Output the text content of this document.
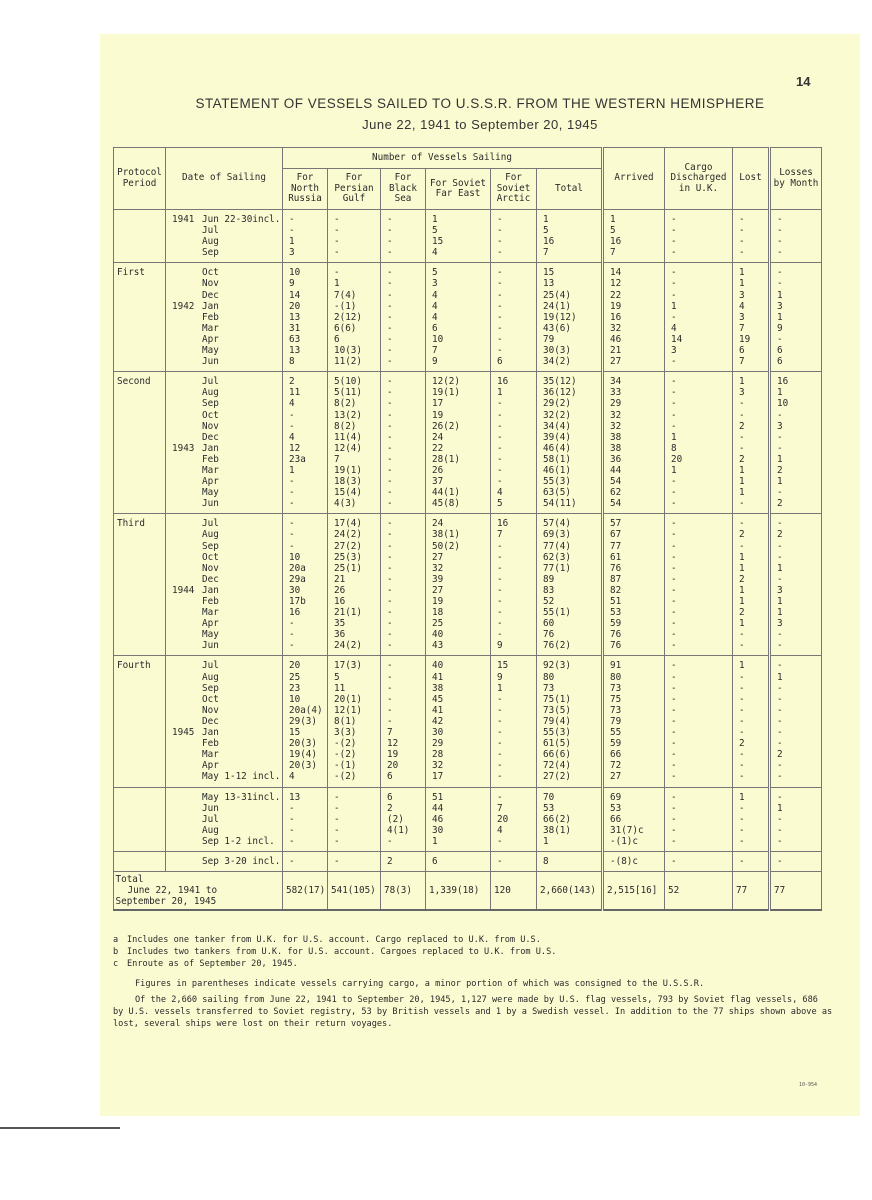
14
STATEMENT OF VESSELS SAILED TO U.S.S.R. FROM THE WESTERN HEMISPHERE
June 22, 1941 to September 20, 1945
Protocol Period	Date of Sailing	Number of Vessels Sailing						Arrived	Cargo Discharged in U.K.	Lost	Losses by Month
		For North Russia	For Persian Gulf	For Black Sea	For Soviet Far East	For Soviet Arctic	Total				

	1941 Jun 22-30incl.	-	-	-	1	-	1	1	-	-	-
	Jul	-	-	-	5	-	5	5	-	-	-
	Aug	1	-	-	15	-	16	16	-	-	-
	Sep	3	-	-	4	-	7	7	-	-	-

First	Oct	10	-	-	5	-	15	14	-	1	-
	Nov	9	1	-	3	-	13	12	-	1	-
	Dec	14	7(4)	-	4	-	25(4)	22	-	3	1
	1942 Jan	20	-(1)	-	4	-	24(1)	19	1	4	3
	Feb	13	2(12)	-	4	-	19(12)	16	-	3	1
	Mar	31	6(6)	-	6	-	43(6)	32	4	7	9
	Apr	63	6	-	10	-	79	46	14	19	-
	May	13	10(3)	-	7	-	30(3)	21	3	6	6
	Jun	8	11(2)	-	9	6	34(2)	27	-	7	6

Second	Jul	2	5(10)	-	12(2)	16	35(12)	34	-	1	16
	Aug	11	5(11)	-	19(1)	1	36(12)	33	-	3	1
	Sep	4	8(2)	-	17	-	29(2)	29	-	-	10
	Oct	-	13(2)	-	19	-	32(2)	32	-	-	-
	Nov	-	8(2)	-	26(2)	-	34(4)	32	-	2	3
	Dec	4	11(4)	-	24	-	39(4)	38	1	-	-
	1943 Jan	12	12(4)	-	22	-	46(4)	38	8	-	-
	Feb	23a	7	-	28(1)	-	58(1)	36	20	2	1
	Mar	1	19(1)	-	26	-	46(1)	44	1	1	2
	Apr	-	18(3)	-	37	-	55(3)	54	-	1	1
	May	-	15(4)	-	44(1)	4	63(5)	62	-	1	-
	Jun	-	4(3)	-	45(8)	5	54(11)	54	-	-	2

Third	Jul	-	17(4)	-	24	16	57(4)	57	-	-	-
	Aug	-	24(2)	-	38(1)	7	69(3)	67	-	2	2
	Sep	-	27(2)	-	50(2)	-	77(4)	77	-	-	-
	Oct	10	25(3)	-	27	-	62(3)	61	-	1	-
	Nov	20a	25(1)	-	32	-	77(1)	76	-	1	1
	Dec	29a	21	-	39	-	89	87	-	2	-
	1944 Jan	30	26	-	27	-	83	82	-	1	3
	Feb	17b	16	-	19	-	52	51	-	1	1
	Mar	16	21(1)	-	18	-	55(1)	53	-	2	1
	Apr	-	35	-	25	-	60	59	-	1	3
	May	-	36	-	40	-	76	76	-	-	-
	Jun	-	24(2)	-	43	9	76(2)	76	-	-	-

Fourth	Jul	20	17(3)	-	40	15	92(3)	91	-	1	-
	Aug	25	5	-	41	9	80	80	-	-	1
	Sep	23	11	-	38	1	73	73	-	-	-
	Oct	10	20(1)	-	45	-	75(1)	75	-	-	-
	Nov	20a(4)	12(1)	-	41	-	73(5)	73	-	-	-
	Dec	29(3)	8(1)	-	42	-	79(4)	79	-	-	-
	1945 Jan	15	3(3)	7	30	-	55(3)	55	-	-	-
	Feb	20(3)	-(2)	12	29	-	61(5)	59	-	2	-
	Mar	19(4)	-(2)	19	28	-	66(6)	66	-	-	2
	Apr	20(3)	-(1)	20	32	-	72(4)	72	-	-	-
	May 1-12 incl.	4	-(2)	6	17	-	27(2)	27	-	-	-

	May 13-31incl.	13	-	6	51	-	70	69	-	1	-
	Jun	-	-	2	44	7	53	53	-	-	1
	Jul	-	-	(2)	46	20	66(2)	66	-	-	-
	Aug	-	-	4(1)	30	4	38(1)	31(7)c	-	-	-
	Sep 1-2 incl.	-	-	-	1	-	1	-(1)c	-	-	-

	Sep 3-20 incl.	-	-	2	6	-	8	-(8)c	-	-	-

	Total
June 22, 1941 to
September 20, 1945	582(17)	541(105)	78(3)	1,339(18)	120	2,660(143)	2,515[16]	52	77	77
a Includes one tanker from U.K. for U.S. account. Cargo replaced to U.K. from U.S.
b Includes two tankers from U.K. for U.S. account. Cargoes replaced to U.K. from U.S.
c Enroute as of September 20, 1945.
Figures in parentheses indicate vessels carrying cargo, a minor portion of which was consigned to the U.S.S.R.
Of the 2,660 sailing from June 22, 1941 to September 20, 1945, 1,127 were made by U.S. flag vessels, 793 by Soviet flag vessels, 686 by U.S. vessels transferred to Soviet registry, 53 by British vessels and 1 by a Swedish vessel. In addition to the 77 ships shown above as lost, several ships were lost on their return voyages.
10-954
